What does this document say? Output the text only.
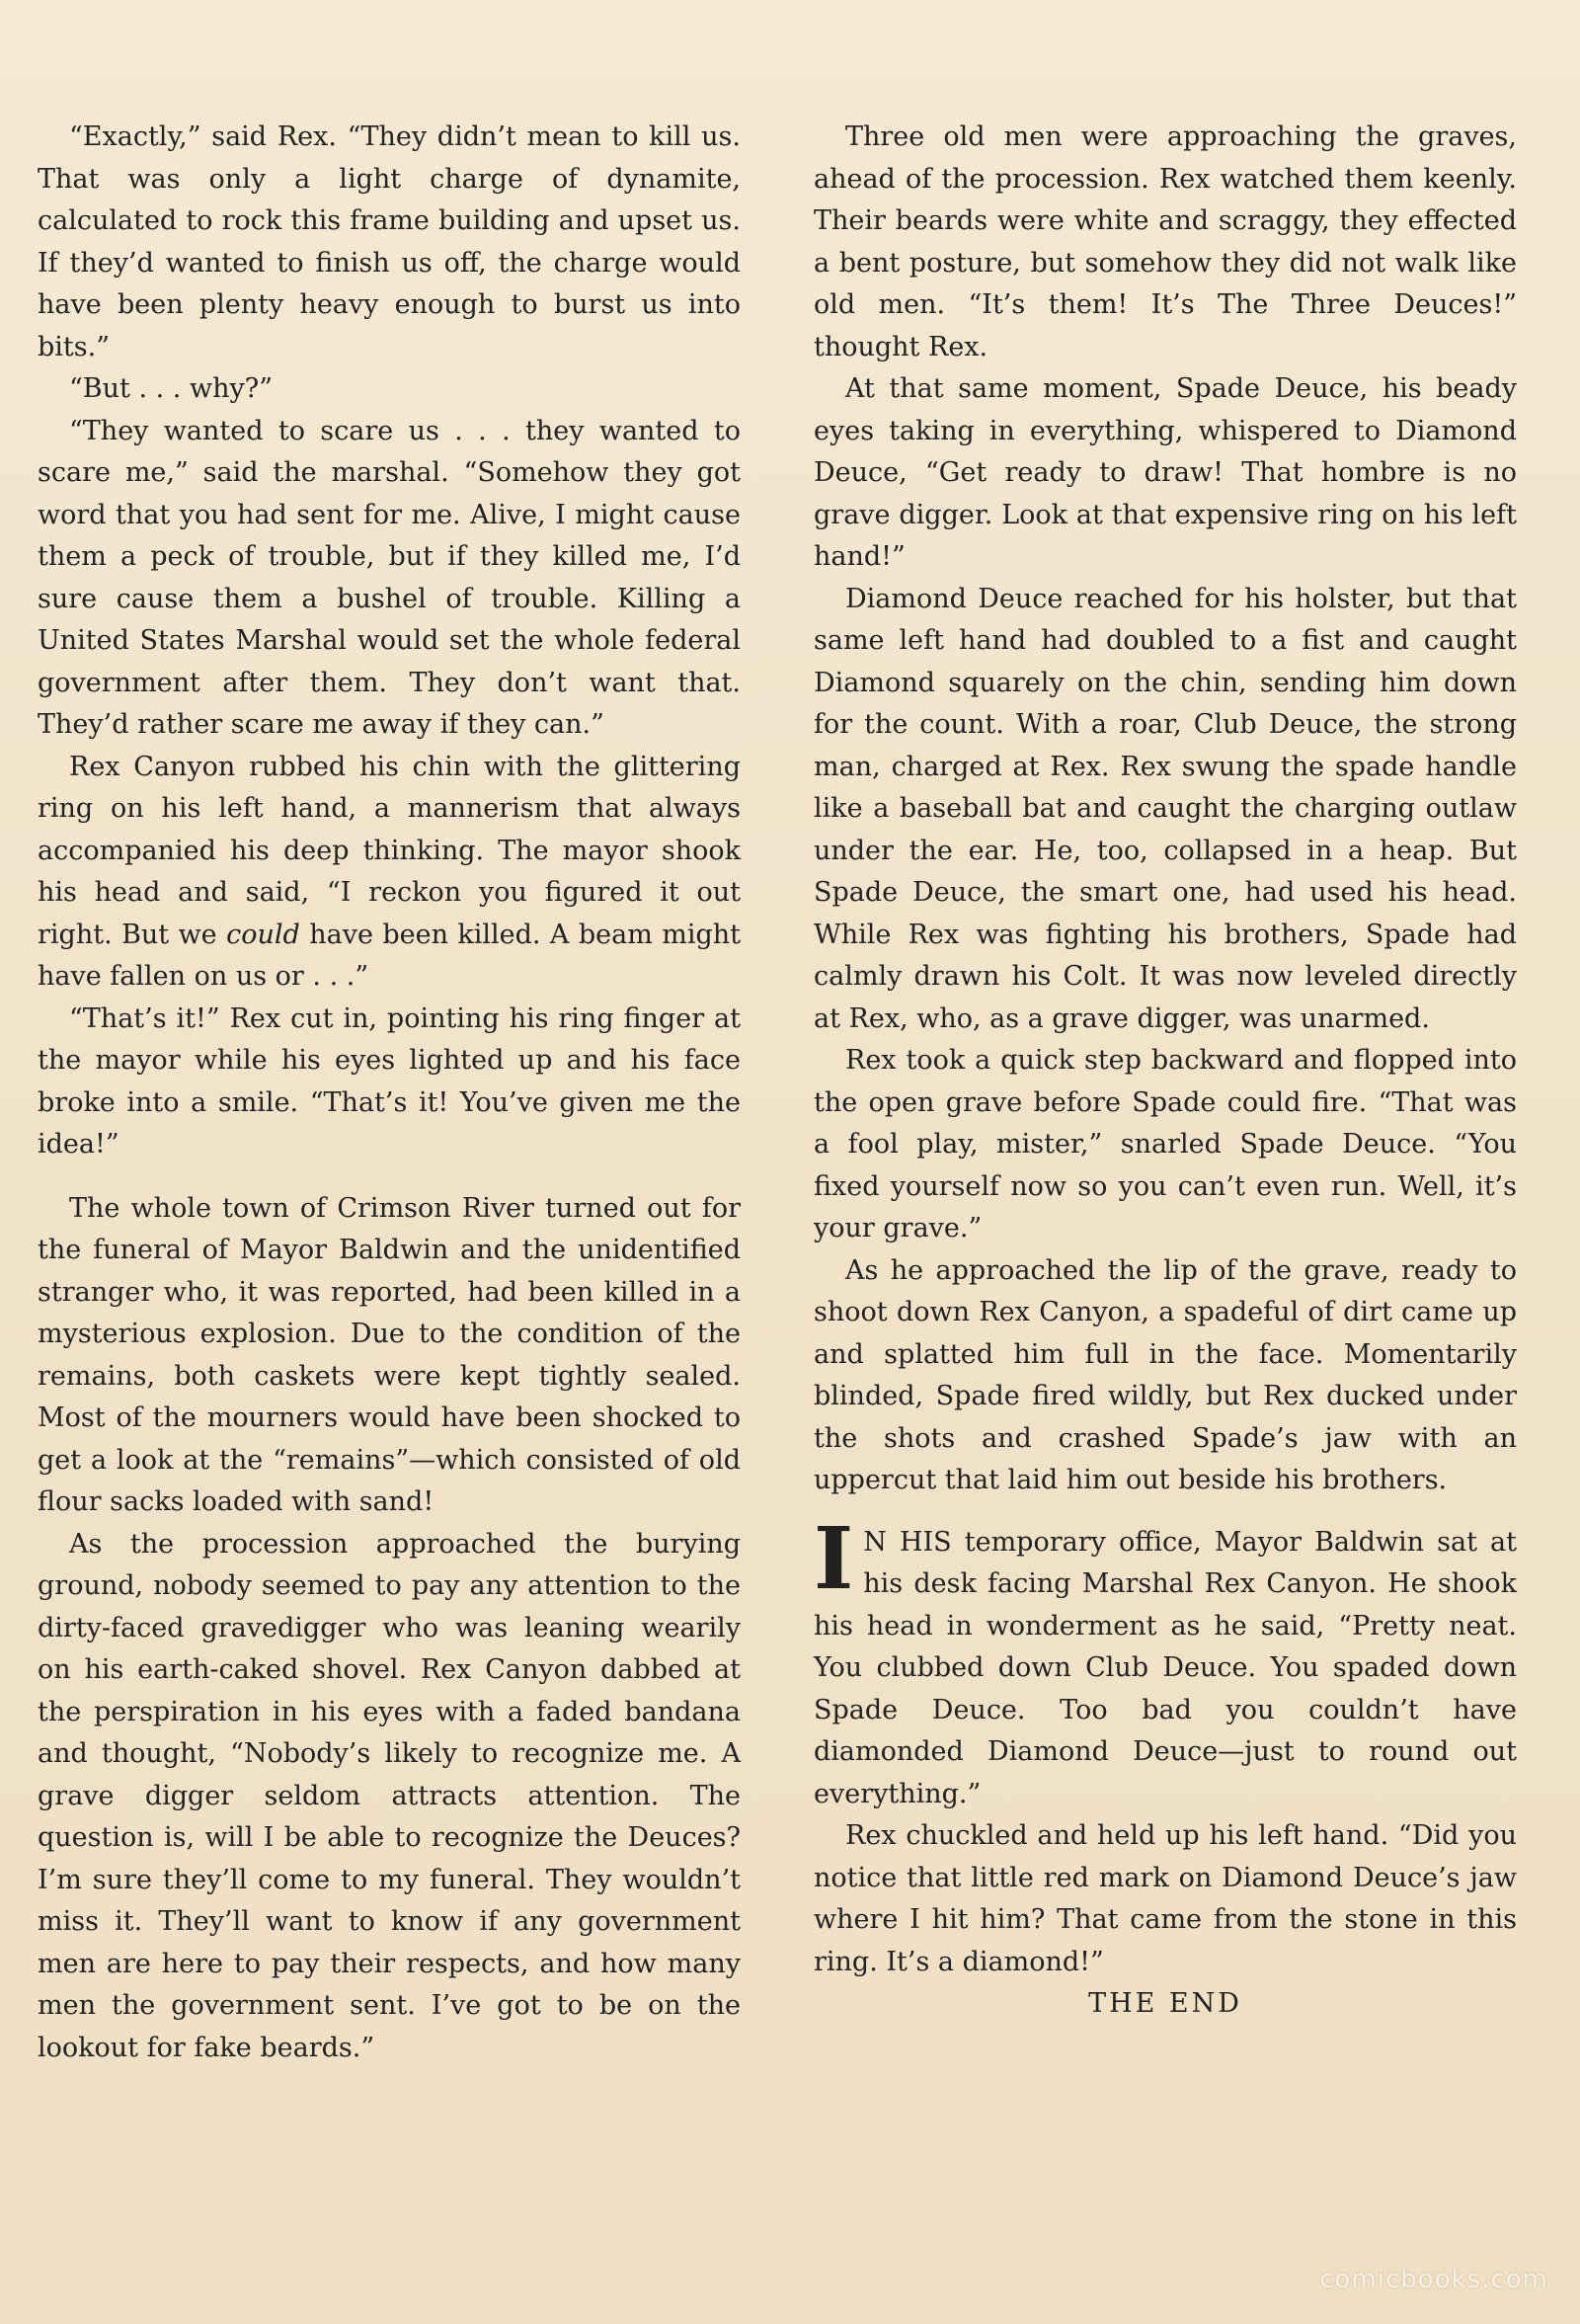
“Exactly,” said Rex. “They didn’t mean to kill us. That was only a light charge of dynamite, calculated to rock this frame building and upset us. If they’d wanted to finish us off, the charge would have been plenty heavy enough to burst us into bits.”

“But . . . why?”

“They wanted to scare us . . . they wanted to scare me,” said the marshal. “Somehow they got word that you had sent for me. Alive, I might cause them a peck of trouble, but if they killed me, I’d sure cause them a bushel of trouble. Killing a United States Marshal would set the whole federal government after them. They don’t want that. They’d rather scare me away if they can.”

Rex Canyon rubbed his chin with the glittering ring on his left hand, a mannerism that always accompanied his deep thinking. The mayor shook his head and said, “I reckon you figured it out right. But we could have been killed. A beam might have fallen on us or . . .”

“That’s it!” Rex cut in, pointing his ring finger at the mayor while his eyes lighted up and his face broke into a smile. “That’s it! You’ve given me the idea!”

The whole town of Crimson River turned out for the funeral of Mayor Baldwin and the unidentified stranger who, it was reported, had been killed in a mysterious explosion. Due to the condition of the remains, both caskets were kept tightly sealed. Most of the mourners would have been shocked to get a look at the “remains”—which consisted of old flour sacks loaded with sand!

As the procession approached the burying ground, nobody seemed to pay any attention to the dirty-faced gravedigger who was leaning wearily on his earth-caked shovel. Rex Canyon dabbed at the perspiration in his eyes with a faded bandana and thought, “Nobody’s likely to recognize me. A grave digger seldom attracts attention. The question is, will I be able to recognize the Deuces? I’m sure they’ll come to my funeral. They wouldn’t miss it. They’ll want to know if any government men are here to pay their respects, and how many men the government sent. I’ve got to be on the lookout for fake beards.”

Three old men were approaching the graves, ahead of the procession. Rex watched them keenly. Their beards were white and scraggy, they effected a bent posture, but somehow they did not walk like old men. “It’s them! It’s The Three Deuces!” thought Rex.

At that same moment, Spade Deuce, his beady eyes taking in everything, whispered to Diamond Deuce, “Get ready to draw! That hombre is no grave digger. Look at that expensive ring on his left hand!”

Diamond Deuce reached for his holster, but that same left hand had doubled to a fist and caught Diamond squarely on the chin, sending him down for the count. With a roar, Club Deuce, the strong man, charged at Rex. Rex swung the spade handle like a baseball bat and caught the charging outlaw under the ear. He, too, collapsed in a heap. But Spade Deuce, the smart one, had used his head. While Rex was fighting his brothers, Spade had calmly drawn his Colt. It was now leveled directly at Rex, who, as a grave digger, was unarmed.

Rex took a quick step backward and flopped into the open grave before Spade could fire. “That was a fool play, mister,” snarled Spade Deuce. “You fixed yourself now so you can’t even run. Well, it’s your grave.”

As he approached the lip of the grave, ready to shoot down Rex Canyon, a spadeful of dirt came up and splatted him full in the face. Momentarily blinded, Spade fired wildly, but Rex ducked under the shots and crashed Spade’s jaw with an uppercut that laid him out beside his brothers.

I N HIS temporary office, Mayor Baldwin sat at his desk facing Marshal Rex Canyon. He shook his head in wonderment as he said, “Pretty neat. You clubbed down Club Deuce. You spaded down Spade Deuce. Too bad you couldn’t have diamonded Diamond Deuce—just to round out everything.”

Rex chuckled and held up his left hand. “Did you notice that little red mark on Diamond Deuce’s jaw where I hit him? That came from the stone in this ring. It’s a diamond!”

THE END

comicbooks.com
